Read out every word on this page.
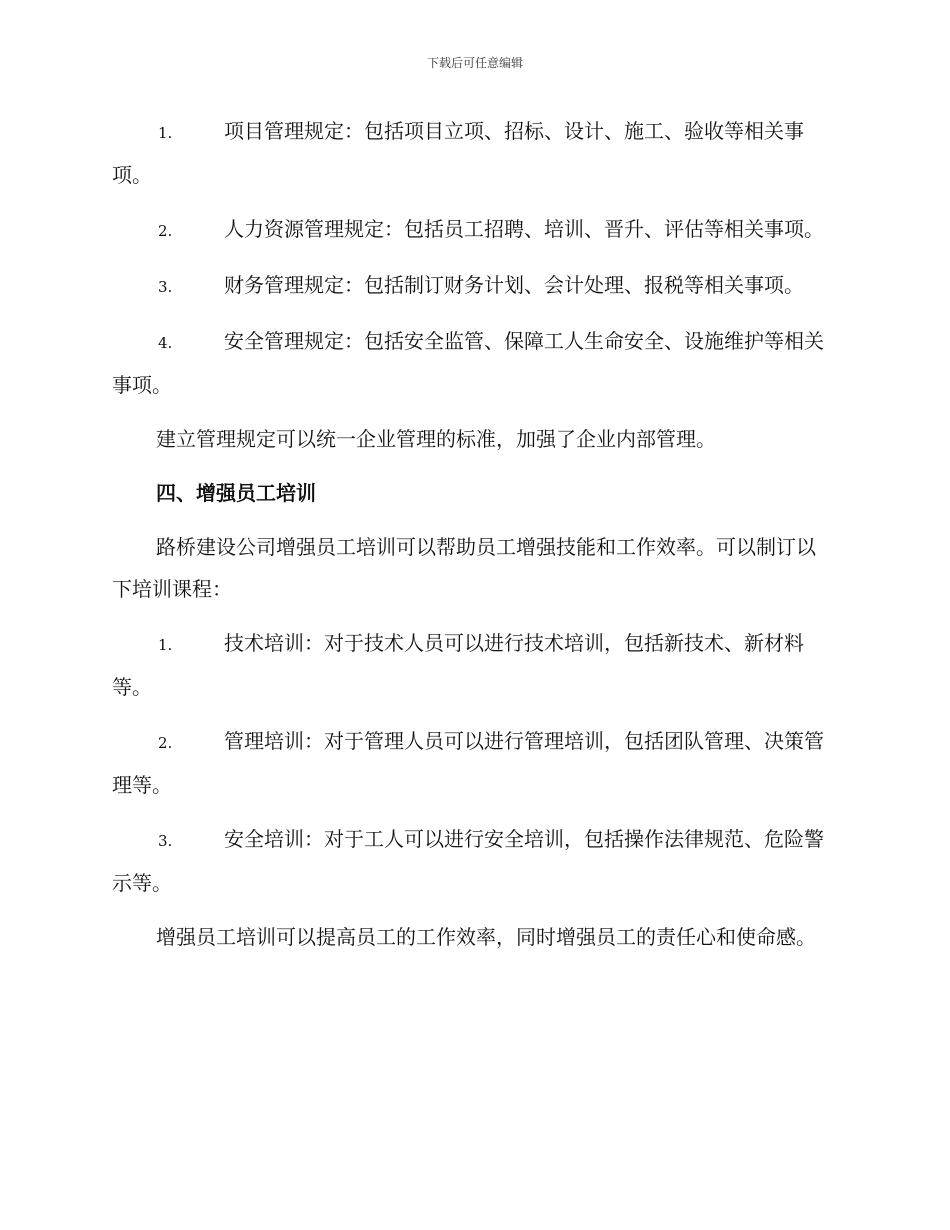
下载后可任意编辑
1.	项目管理规定：包括项目立项、招标、设计、施工、验收等相关事项。
2.	人力资源管理规定：包括员工招聘、培训、晋升、评估等相关事项。
3.	财务管理规定：包括制订财务计划、会计处理、报税等相关事项。
4.	安全管理规定：包括安全监管、保障工人生命安全、设施维护等相关事项。
建立管理规定可以统一企业管理的标准，加强了企业内部管理。
四、增强员工培训
路桥建设公司增强员工培训可以帮助员工增强技能和工作效率。可以制订以下培训课程：
1.	技术培训：对于技术人员可以进行技术培训，包括新技术、新材料等。
2.	管理培训：对于管理人员可以进行管理培训，包括团队管理、决策管理等。
3.	安全培训：对于工人可以进行安全培训，包括操作法律规范、危险警示等。
增强员工培训可以提高员工的工作效率，同时增强员工的责任心和使命感。
